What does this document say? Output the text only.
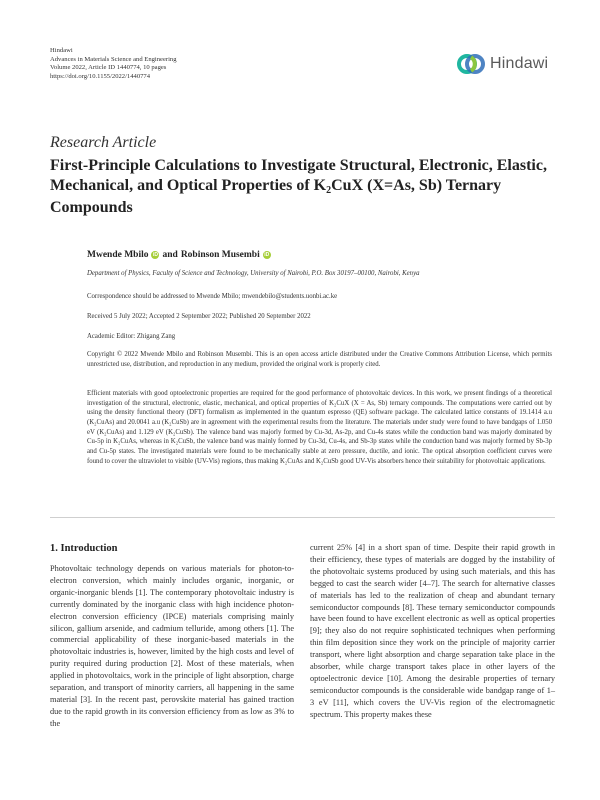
Hindawi
Advances in Materials Science and Engineering
Volume 2022, Article ID 1440774, 10 pages
https://doi.org/10.1155/2022/1440774
Hindawi
Research Article
First-Principle Calculations to Investigate Structural, Electronic, Elastic, Mechanical, and Optical Properties of $K_2CuX$ (X=As, Sb) Ternary Compounds
Mwende Mbilo iD and Robinson Musembi iD
Department of Physics, Faculty of Science and Technology, University of Nairobi, P.O. Box 30197–00100, Nairobi, Kenya
Correspondence should be addressed to Mwende Mbilo; mwendebilo@students.uonbi.ac.ke
Received 5 July 2022; Accepted 2 September 2022; Published 20 September 2022
Academic Editor: Zhigang Zang
Copyright © 2022 Mwende Mbilo and Robinson Musembi. This is an open access article distributed under the Creative Commons Attribution License, which permits unrestricted use, distribution, and reproduction in any medium, provided the original work is properly cited.
Efficient materials with good optoelectronic properties are required for the good performance of photovoltaic devices. In this work, we present findings of a theoretical investigation of the structural, electronic, elastic, mechanical, and optical properties of K₂CuX (X = As, Sb) ternary compounds. The computations were carried out by using the density functional theory (DFT) formalism as implemented in the quantum espresso (QE) software package. The calculated lattice constants of 19.1414 a.u (K₂CuAs) and 20.0041 a.u (K₂CuSb) are in agreement with the experimental results from the literature. The materials under study were found to have bandgaps of 1.050 eV (K₂CuAs) and 1.129 eV (K₂CuSb). The valence band was majorly formed by Cu-3d, As-2p, and Cu-4s states while the conduction band was majorly dominated by Cu-5p in K₂CuAs, whereas in K₂CuSb, the valence band was mainly formed by Cu-3d, Cu-4s, and Sb-3p states while the conduction band was majorly formed by Sb-3p and Cu-5p states. The investigated materials were found to be mechanically stable at zero pressure, ductile, and ionic. The optical absorption coefficient curves were found to cover the ultraviolet to visible (UV-Vis) regions, thus making K₂CuAs and K₂CuSb good UV-Vis absorbers hence their suitability for photovoltaic applications.
1. Introduction

Photovoltaic technology depends on various materials for photon-to-electron conversion, which mainly includes organic, inorganic, or organic-inorganic blends [1]. The contemporary photovoltaic industry is currently dominated by the inorganic class with high incidence photon-electron conversion efficiency (IPCE) materials comprising mainly silicon, gallium arsenide, and cadmium telluride, among others [1]. The commercial applicability of these inorganic-based materials in the photovoltaic industries is, however, limited by the high costs and level of purity required during production [2]. Most of these materials, when applied in photovoltaics, work in the principle of light absorption, charge separation, and transport of minority carriers, all happening in the same material [3]. In the recent past, perovskite material has gained traction due to the rapid growth in its conversion efficiency from as low as 3% to the

current 25% [4] in a short span of time. Despite their rapid growth in their efficiency, these types of materials are dogged by the instability of the photovoltaic systems produced by using such materials, and this has begged to cast the search wider [4–7]. The search for alternative classes of materials has led to the realization of cheap and abundant ternary semiconductor compounds [8]. These ternary semiconductor compounds have been found to have excellent electronic as well as optical properties [9]; they also do not require sophisticated techniques when performing thin film deposition since they work on the principle of majority carrier transport, where light absorption and charge separation take place in the absorber, while charge transport takes place in other layers of the optoelectronic device [10]. Among the desirable properties of ternary semiconductor compounds is the considerable wide bandgap range of 1–3 eV [11], which covers the UV-Vis region of the electromagnetic spectrum. This property makes these
